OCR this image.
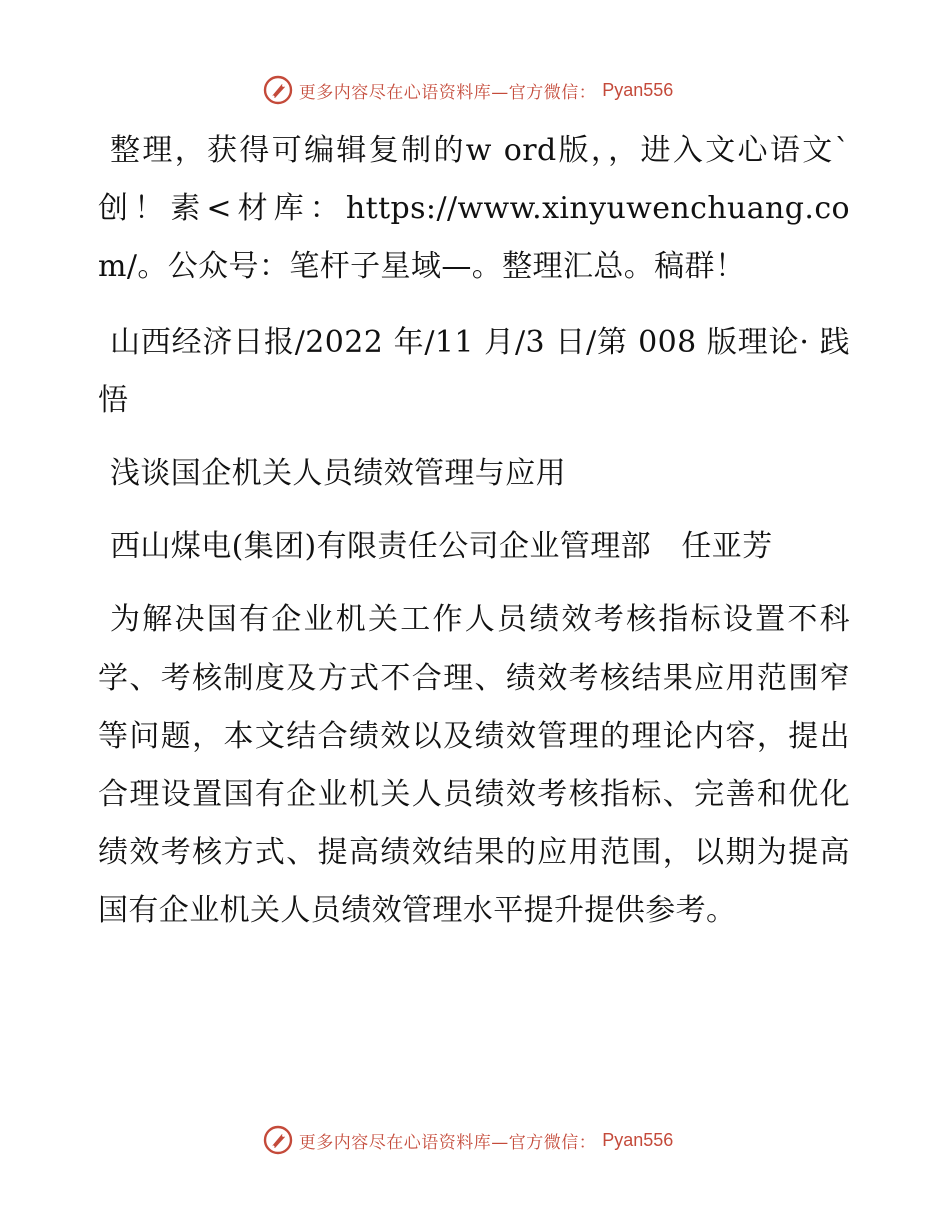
更多内容尽在心语资料库—官方微信： Pyan556

整理，获得可编辑复制的w ord版，，进入文心语文`创！素<材库：https://www.xinyuwenchuang.com/。公众号：笔杆子星域—。整理汇总。稿群！

山西经济日报/2022 年/11 月/3 日/第 008 版理论· 践悟

浅谈国企机关人员绩效管理与应用

西山煤电(集团)有限责任公司企业管理部　任亚芳

为解决国有企业机关工作人员绩效考核指标设置不科学、考核制度及方式不合理、绩效考核结果应用范围窄等问题，本文结合绩效以及绩效管理的理论内容，提出合理设置国有企业机关人员绩效考核指标、完善和优化绩效考核方式、提高绩效结果的应用范围，以期为提高国有企业机关人员绩效管理水平提升提供参考。

更多内容尽在心语资料库—官方微信： Pyan556
